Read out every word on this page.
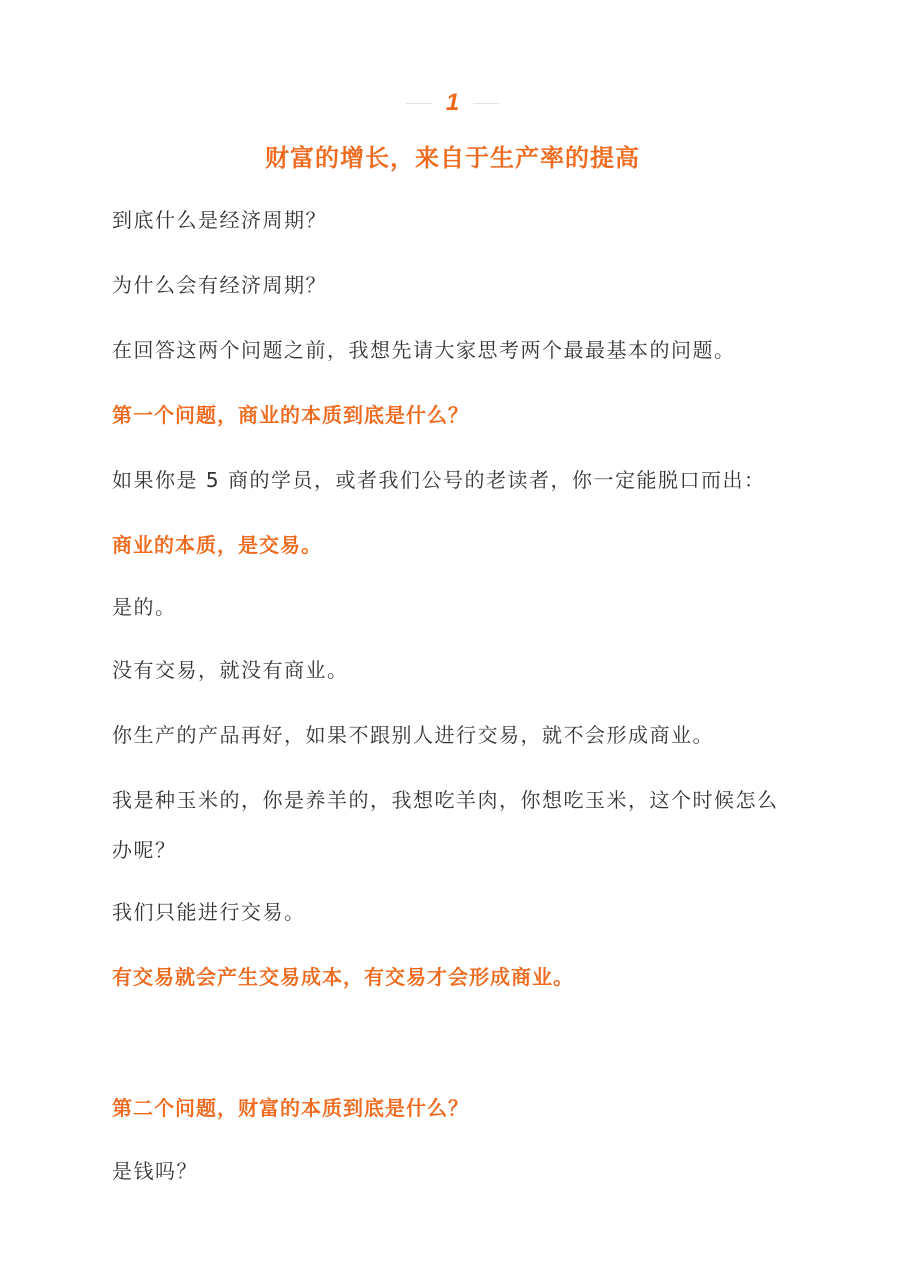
1
财富的增长，来自于生产率的提高

到底什么是经济周期？

为什么会有经济周期？

在回答这两个问题之前，我想先请大家思考两个最最基本的问题。

第一个问题，商业的本质到底是什么？

如果你是 5 商的学员，或者我们公号的老读者，你一定能脱口而出：

商业的本质，是交易。

是的。

没有交易，就没有商业。

你生产的产品再好，如果不跟别人进行交易，就不会形成商业。

我是种玉米的，你是养羊的，我想吃羊肉，你想吃玉米，这个时候怎么办呢？

我们只能进行交易。

有交易就会产生交易成本，有交易才会形成商业。

第二个问题，财富的本质到底是什么？

是钱吗？
